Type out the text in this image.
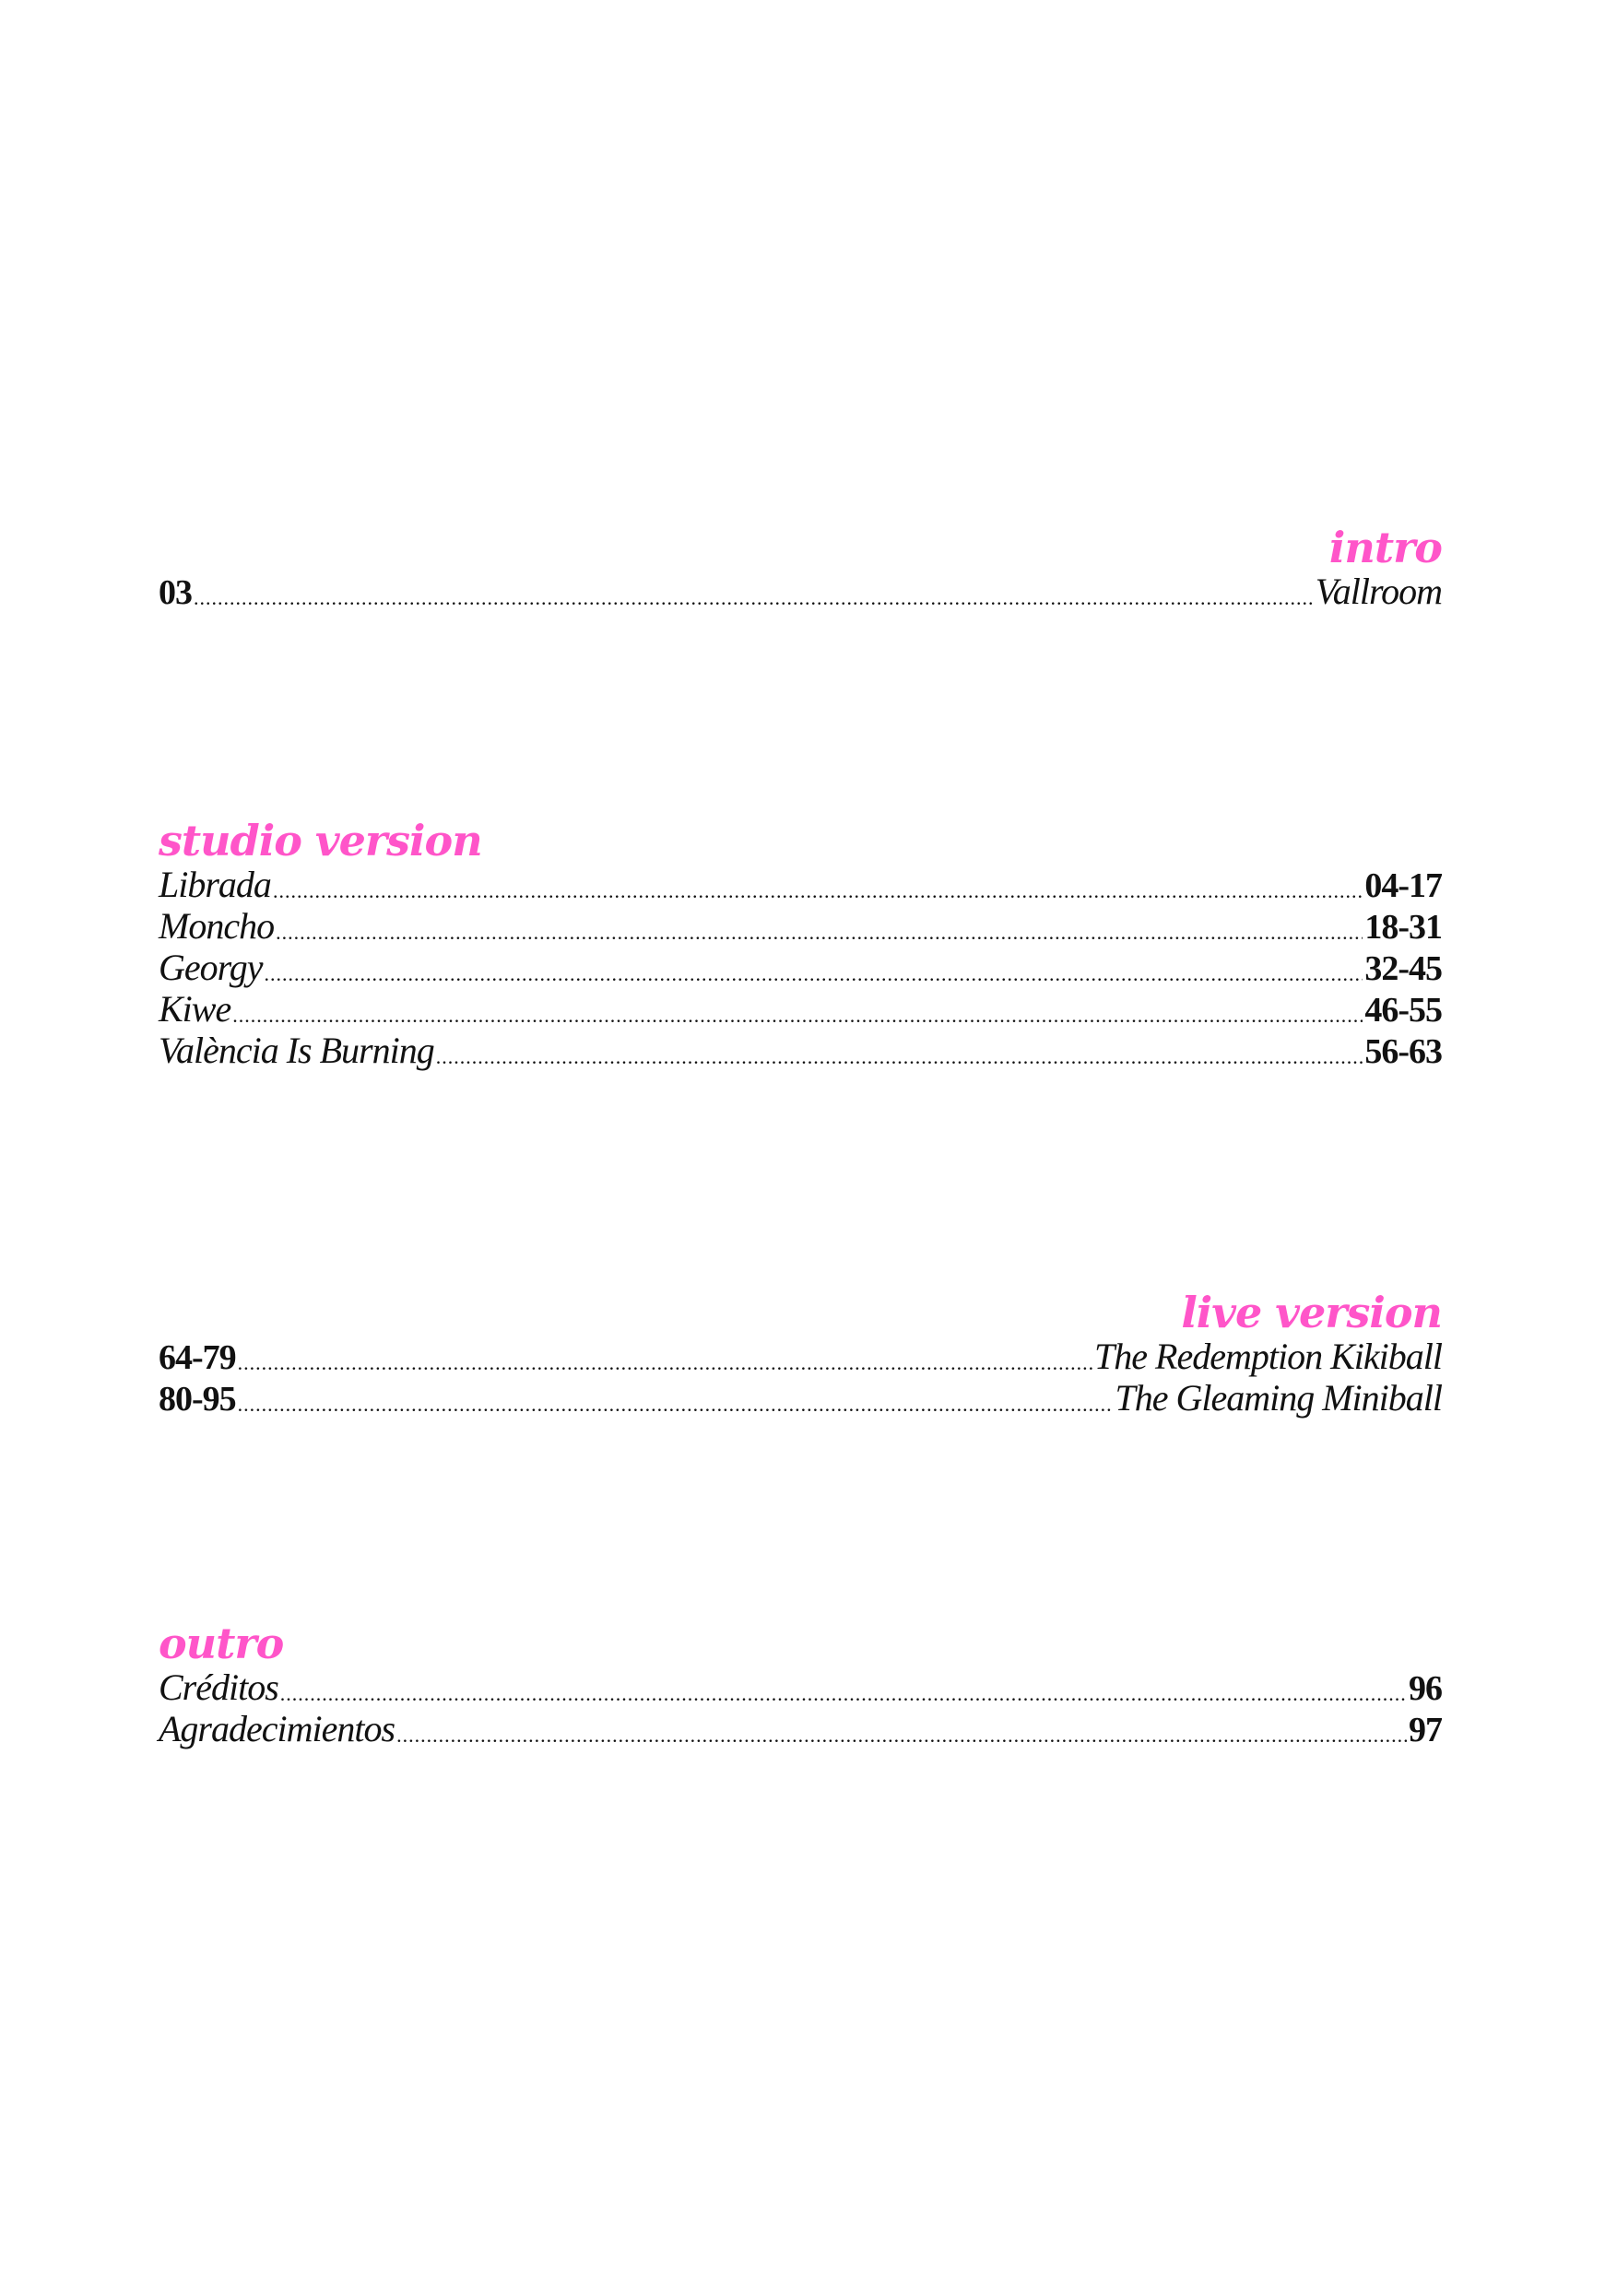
intro
03 .....	Vallroom
studio version
Librada .....	04-17
Moncho .....	18-31
Georgy .....	32-45
Kiwe .....	46-55
València Is Burning .....	56-63
live version
64-79 .....	The Redemption Kikiball
80-95 .....	The Gleaming Miniball
outro
Créditos .....	96
Agradecimientos .....	97
